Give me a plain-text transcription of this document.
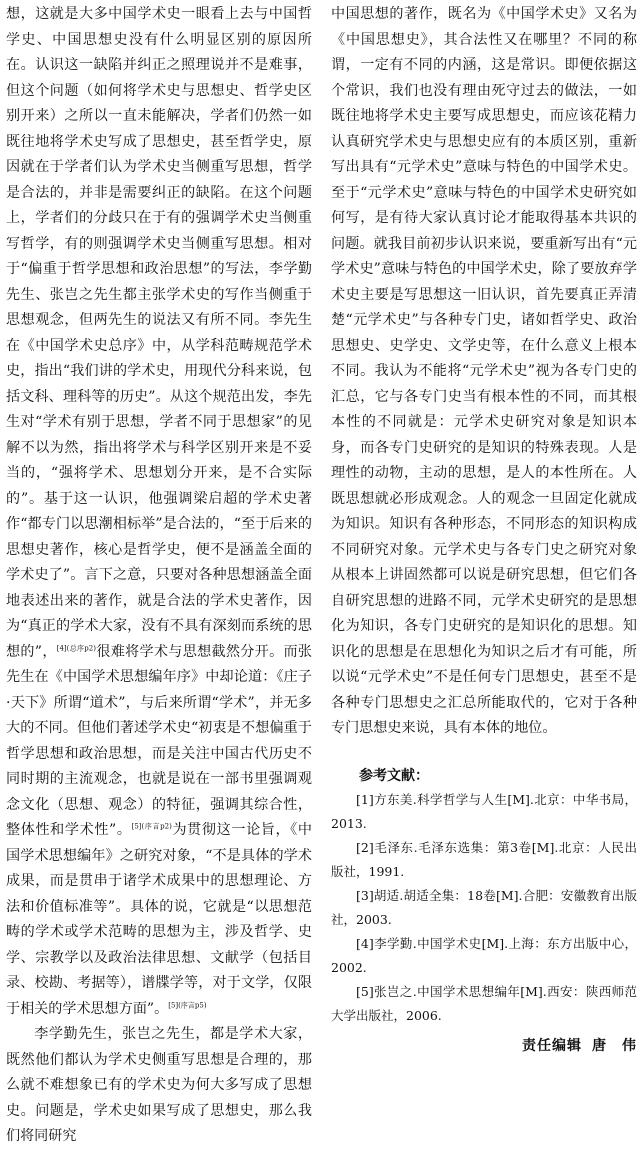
想，这就是大多中国学术史一眼看上去与中国哲学史、中国思想史没有什么明显区别的原因所在。认识这一缺陷并纠正之照理说并不是难事，但这个问题（如何将学术史与思想史、哲学史区别开来）之所以一直未能解决，学者们仍然一如既往地将学术史写成了思想史，甚至哲学史，原因就在于学者们认为学术史当侧重写思想，哲学是合法的，并非是需要纠正的缺陷。在这个问题上，学者们的分歧只在于有的强调学术史当侧重写哲学，有的则强调学术史当侧重写思想。相对于“偏重于哲学思想和政治思想”的写法，李学勤先生、张岂之先生都主张学术史的写作当侧重于思想观念，但两先生的说法又有所不同。李先生在《中国学术史总序》中，从学科范畴规范学术史，指出“我们讲的学术史，用现代分科来说，包括文科、理科等的历史”。从这个规范出发，李先生对“学术有别于思想，学者不同于思想家”的见解不以为然，指出将学术与科学区别开来是不妥当的，“强将学术、思想划分开来，是不合实际的”。基于这一认识，他强调梁启超的学术史著作“都专门以思潮相标举”是合法的，“至于后来的思想史著作，核心是哲学史，便不是涵盖全面的学术史了”。言下之意，只要对各种思想涵盖全面地表述出来的著作，就是合法的学术史著作，因为“真正的学术大家，没有不具有深刻而系统的思想的”，$^{[4](总序p2)}$很难将学术与思想截然分开。而张先生在《中国学术思想编年序》中却论道：《庄子·天下》所谓“道术”，与后来所谓“学术”，并无多大的不同。但他们著述学术史“初衷是不想偏重于哲学思想和政治思想，而是关注中国古代历史不同时期的主流观念，也就是说在一部书里强调观念文化（思想、观念）的特征，强调其综合性，整体性和学术性”。$^{[5](序言p2)}$为贯彻这一论旨，《中国学术思想编年》之研究对象，“不是具体的学术成果，而是贯串于诸学术成果中的思想理论、方法和价值标准等”。具体的说，它就是“以思想范畴的学术或学术范畴的思想为主，涉及哲学、史学、宗教学以及政治法律思想、文献学（包括目录、校勘、考据等），谱牒学等，对于文学，仅限于相关的学术思想方面”。$^{[5](序言p5)}$

李学勤先生，张岂之先生，都是学术大家，既然他们都认为学术史侧重写思想是合理的，那么就不难想象已有的学术史为何大多写成了思想史。问题是，学术史如果写成了思想史，那么我们将同研究

中国思想的著作，既名为《中国学术史》又名为《中国思想史》，其合法性又在哪里？不同的称谓，一定有不同的内涵，这是常识。即便依据这个常识，我们也没有理由死守过去的做法，一如既往地将学术史主要写成思想史，而应该花精力认真研究学术史与思想史应有的本质区别，重新写出具有“元学术史”意味与特色的中国学术史。至于“元学术史”意味与特色的中国学术史研究如何写，是有待大家认真讨论才能取得基本共识的问题。就我目前初步认识来说，要重新写出有“元学术史”意味与特色的中国学术史，除了要放弃学术史主要是写思想这一旧认识，首先要真正弄清楚“元学术史”与各种专门史，诸如哲学史、政治思想史、史学史、文学史等，在什么意义上根本不同。我认为不能将“元学术史”视为各专门史的汇总，它与各专门史当有根本性的不同，而其根本性的不同就是：元学术史研究对象是知识本身，而各专门史研究的是知识的特殊表现。人是理性的动物，主动的思想，是人的本性所在。人既思想就必形成观念。人的观念一旦固定化就成为知识。知识有各种形态，不同形态的知识构成不同研究对象。元学术史与各专门史之研究对象从根本上讲固然都可以说是研究思想，但它们各自研究思想的进路不同，元学术史研究的是思想化为知识，各专门史研究的是知识化的思想。知识化的思想是在思想化为知识之后才有可能，所以说“元学术史”不是任何专门思想史，甚至不是各种专门思想史之汇总所能取代的，它对于各种专门思想史来说，具有本体的地位。

参考文献：

[1]方东美.科学哲学与人生[M].北京：中华书局，2013.

[2]毛泽东.毛泽东选集：第3卷[M].北京：人民出版社，1991.

[3]胡适.胡适全集：18卷[M].合肥：安徽教育出版社，2003.

[4]李学勤.中国学术史[M].上海：东方出版中心，2002.

[5]张岂之.中国学术思想编年[M].西安：陕西师范大学出版社，2006.

责任编辑 唐　伟
